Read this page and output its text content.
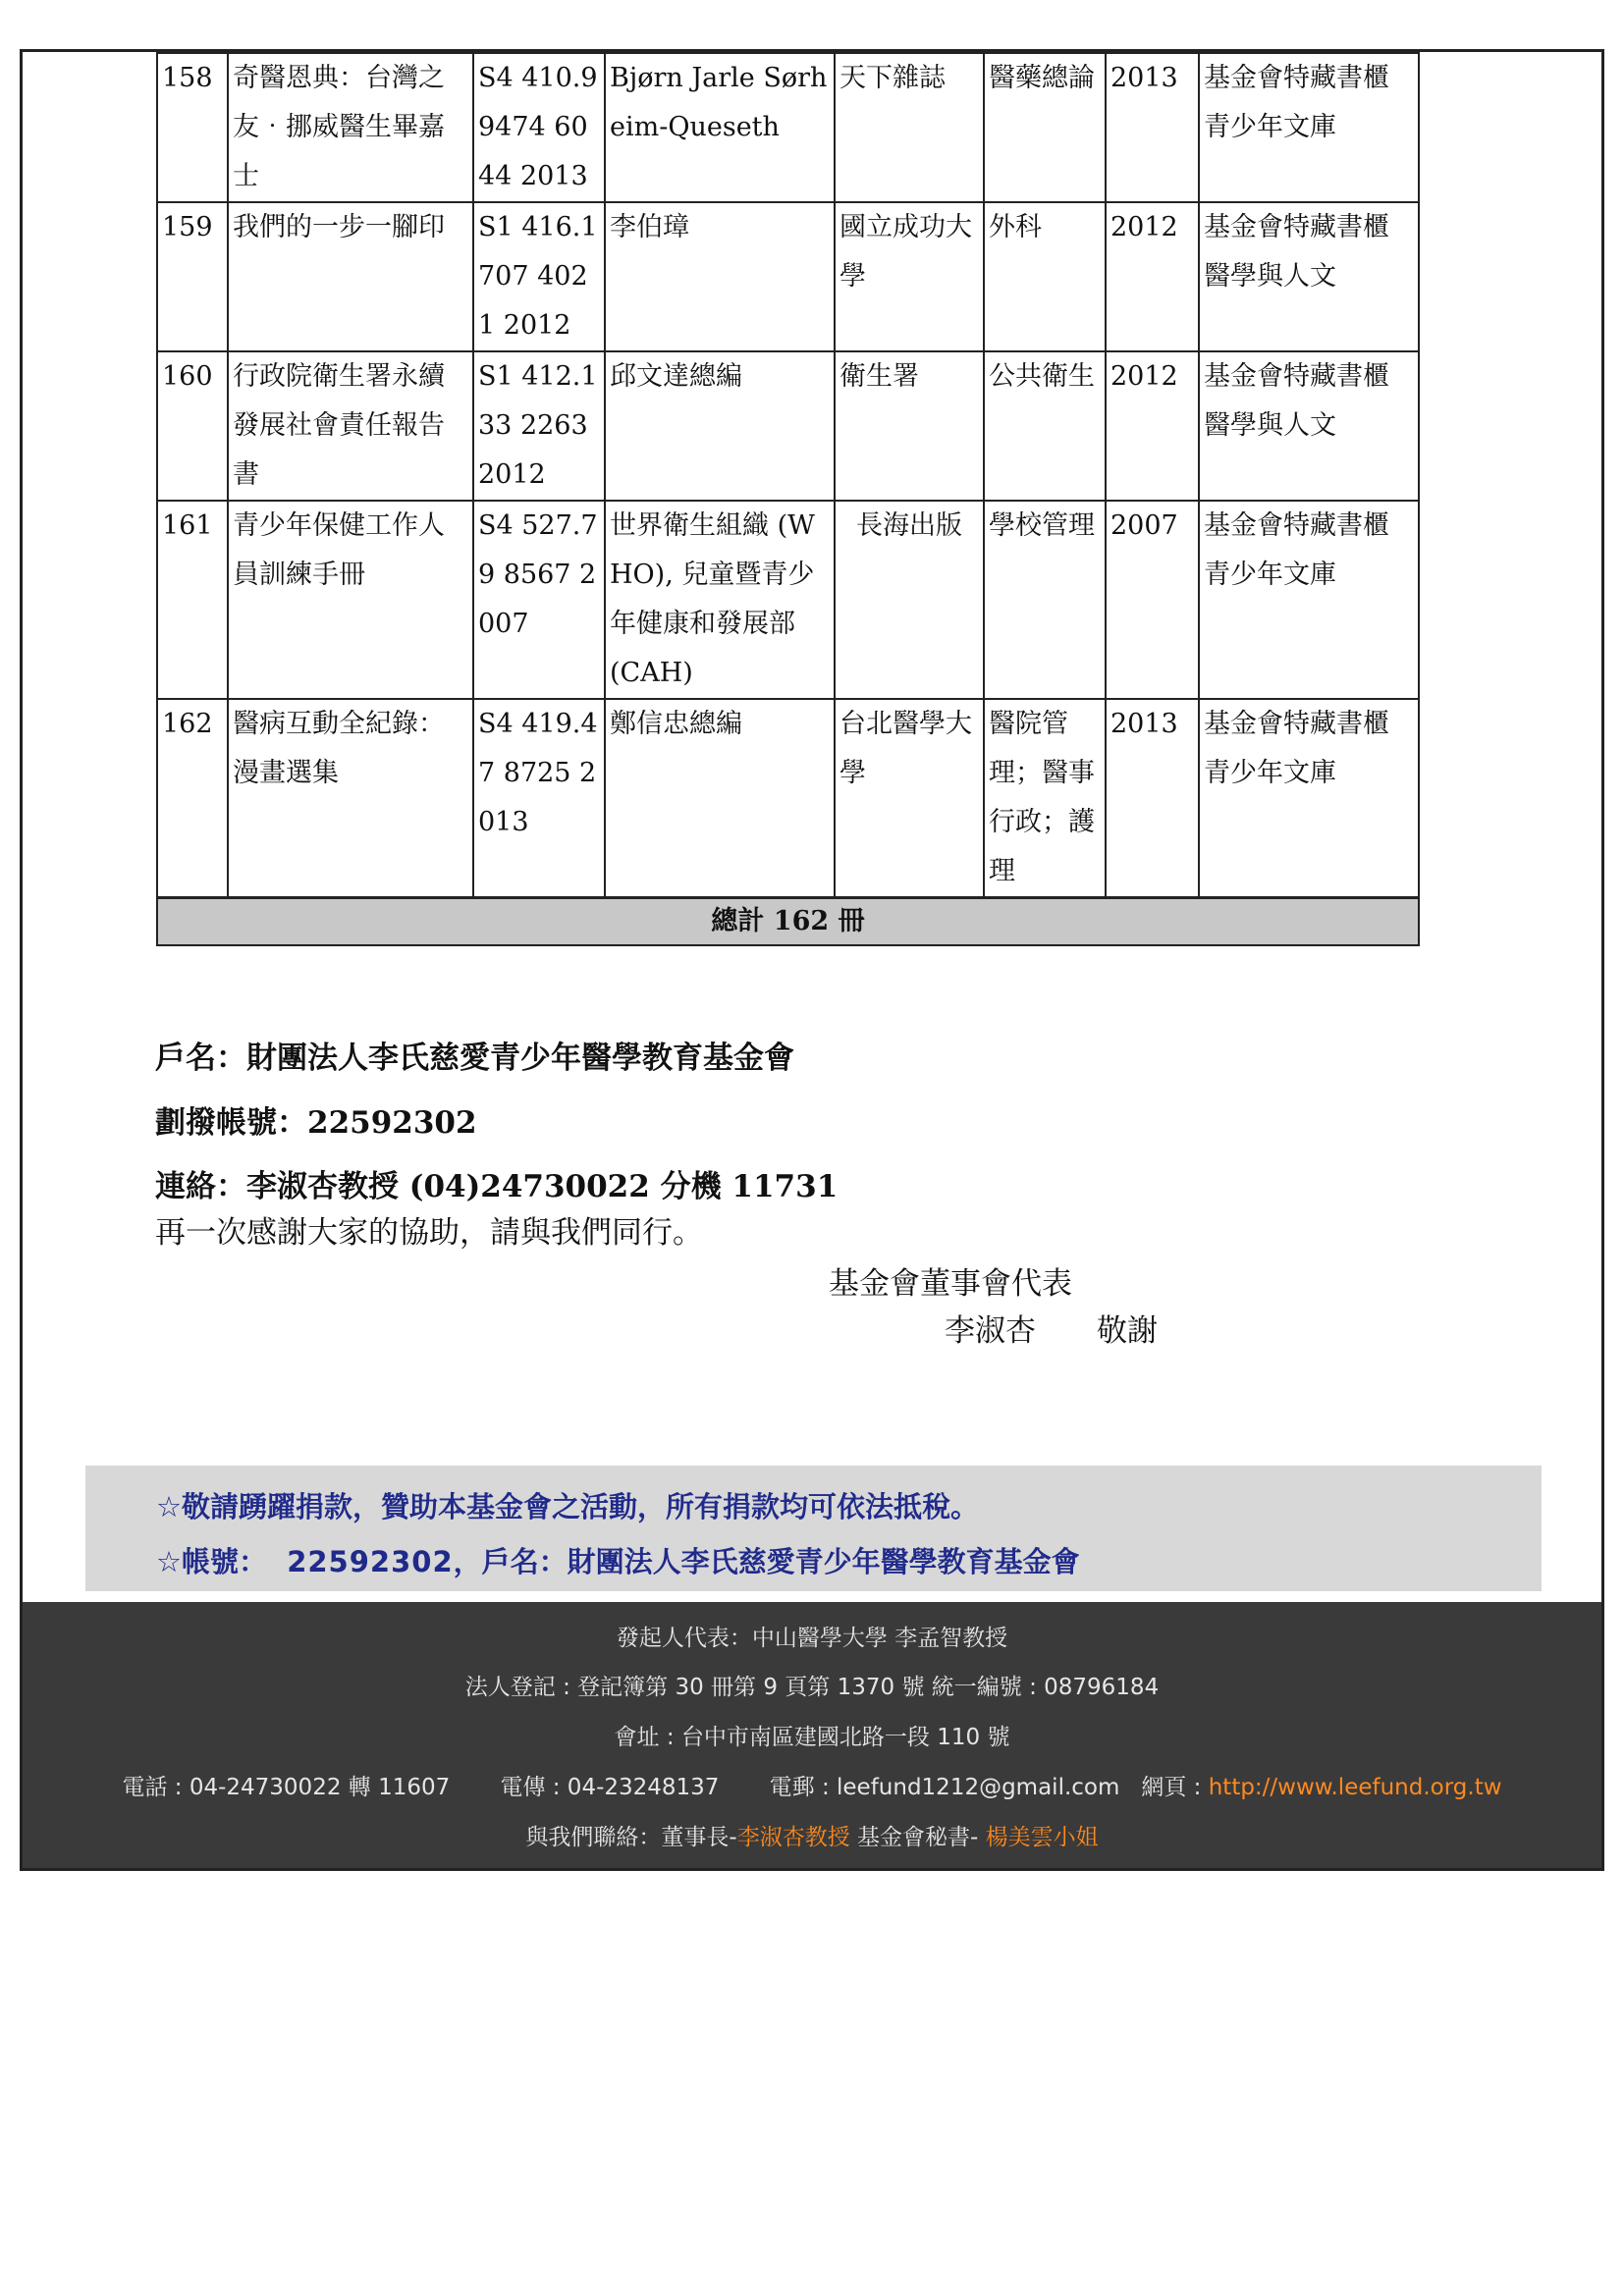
158	奇醫恩典：台灣之友‧挪威醫生畢嘉士	S4 410.99474 6044 2013	Bjørn Jarle Sørheim-Queseth	天下雜誌	醫藥總論	2013	基金會特藏書櫃 青少年文庫
159	我們的一步一腳印	S1 416.1707 4021 2012	李伯璋	國立成功大學	外科	2012	基金會特藏書櫃 醫學與人文
160	行政院衛生署永續發展社會責任報告書	S1 412.133 2263 2012	邱文達總編	衛生署	公共衛生	2012	基金會特藏書櫃 醫學與人文
161	青少年保健工作人員訓練手冊	S4 527.79 8567 2007	世界衛生組織 (WHO), 兒童暨青少年健康和發展部 (CAH)	長海出版	學校管理	2007	基金會特藏書櫃 青少年文庫
162	醫病互動全紀錄：漫畫選集	S4 419.47 8725 2013	鄭信忠總編	台北醫學大學	醫院管理；醫事行政；護理	2013	基金會特藏書櫃 青少年文庫
總計 162 冊							
戶名：財團法人李氏慈愛青少年醫學教育基金會
劃撥帳號：22592302
連絡：李淑杏教授 (04)24730022 分機 11731
再一次感謝大家的協助，請與我們同行。
基金會董事會代表
李淑杏　　敬謝
☆敬請踴躍捐款，贊助本基金會之活動，所有捐款均可依法抵稅。
☆帳號： 22592302，戶名：財團法人李氏慈愛青少年醫學教育基金會
發起人代表：中山醫學大學 李孟智教授
法人登記 : 登記簿第 30 冊第 9 頁第 1370 號 統一編號 : 08796184
會址 : 台中市南區建國北路一段 110 號
電話 : 04-24730022 轉 11607 電傳 : 04-23248137 電郵 : leefund1212@gmail.com 網頁 : http://www.leefund.org.tw
與我們聯絡：董事長-李淑杏教授 基金會秘書- 楊美雲小姐
